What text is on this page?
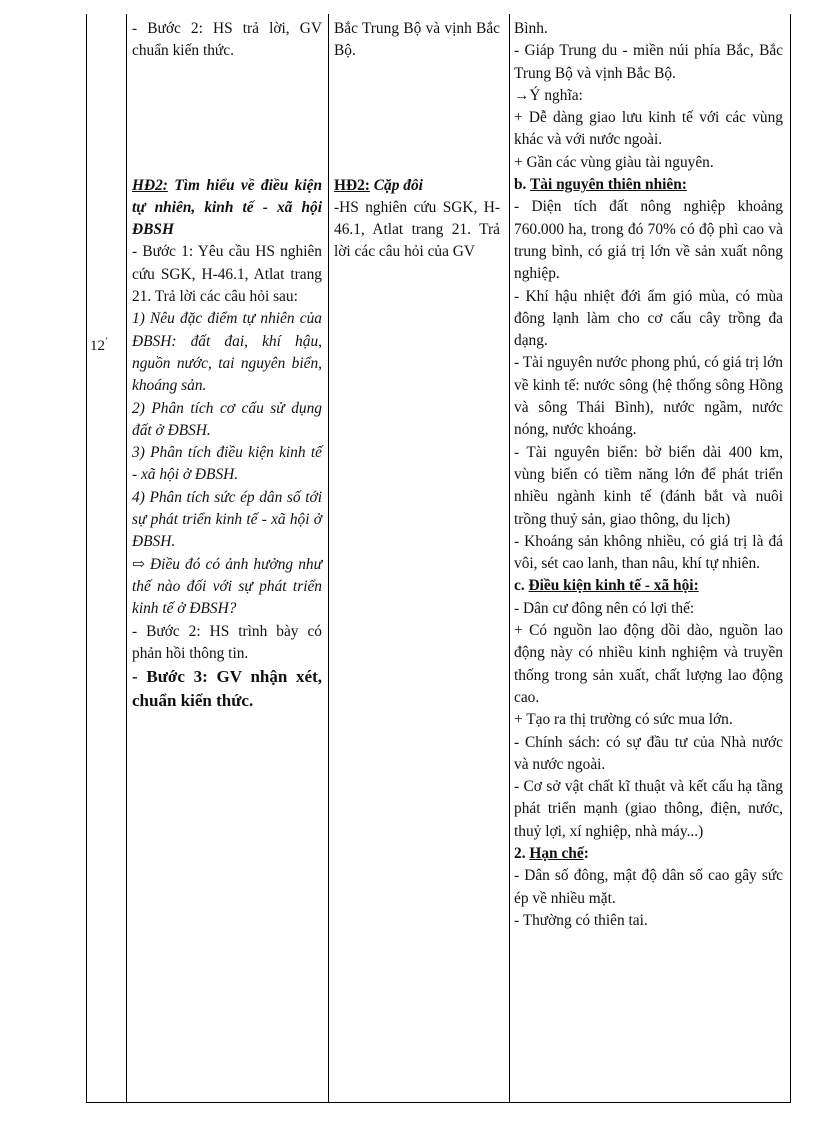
12’

- Bước 2: HS trả lời, GV chuẩn kiến thức.

HĐ2: Tìm hiểu về điều kiện tự nhiên, kinh tế - xã hội ĐBSH

- Bước 1: Yêu cầu HS nghiên cứu SGK, H-46.1, Atlat trang 21. Trả lời các câu hỏi sau:

1) Nêu đặc điểm tự nhiên của ĐBSH: đất đai, khí hậu, nguồn nước, tai nguyên biển, khoáng sản.

2) Phân tích cơ cấu sử dụng đất ở ĐBSH.

3) Phân tích điều kiện kinh tế - xã hội ở ĐBSH.

4) Phân tích sức ép dân số tới sự phát triển kinh tế - xã hội ở ĐBSH.

⇨ Điều đó có ảnh hưởng như thế nào đối với sự phát triển kinh tế ở ĐBSH?

- Bước 2: HS trình bày có phản hồi thông tin.

- Bước 3: GV nhận xét, chuẩn kiến thức.

Bắc Trung Bộ và vịnh Bắc Bộ.

HĐ2: Cặp đôi

-HS nghiên cứu SGK, H-46.1, Atlat trang 21. Trả lời các câu hỏi của GV

Bình.

- Giáp Trung du - miền núi phía Bắc, Bắc Trung Bộ và vịnh Bắc Bộ.

→Ý nghĩa:

+ Dễ dàng giao lưu kinh tế với các vùng khác và với nước ngoài.

+ Gần các vùng giàu tài nguyên.

b. Tài nguyên thiên nhiên:

- Diện tích đất nông nghiệp khoảng 760.000 ha, trong đó 70% có độ phì cao và trung bình, có giá trị lớn về sản xuất nông nghiệp.

- Khí hậu nhiệt đới ẩm gió mùa, có mùa đông lạnh làm cho cơ cấu cây trồng đa dạng.

- Tài nguyên nước phong phú, có giá trị lớn về kinh tế: nước sông (hệ thống sông Hồng và sông Thái Bình), nước ngầm, nước nóng, nước khoáng.

- Tài nguyên biển: bờ biển dài 400 km, vùng biển có tiềm năng lớn để phát triển nhiều ngành kinh tế (đánh bắt và nuôi trồng thuỷ sản, giao thông, du lịch)

- Khoáng sản không nhiều, có giá trị là đá vôi, sét cao lanh, than nâu, khí tự nhiên.

c. Điều kiện kinh tế - xã hội:

- Dân cư đông nên có lợi thế:

+ Có nguồn lao động dồi dào, nguồn lao động này có nhiều kinh nghiệm và truyền thống trong sản xuất, chất lượng lao động cao.

+ Tạo ra thị trường có sức mua lớn.

- Chính sách: có sự đầu tư của Nhà nước và nước ngoài.

- Cơ sở vật chất kĩ thuật và kết cấu hạ tầng phát triển mạnh (giao thông, điện, nước, thuỷ lợi, xí nghiệp, nhà máy...)

2. Hạn chế:

- Dân số đông, mật độ dân số cao gây sức ép về nhiều mặt.

- Thường có thiên tai.
